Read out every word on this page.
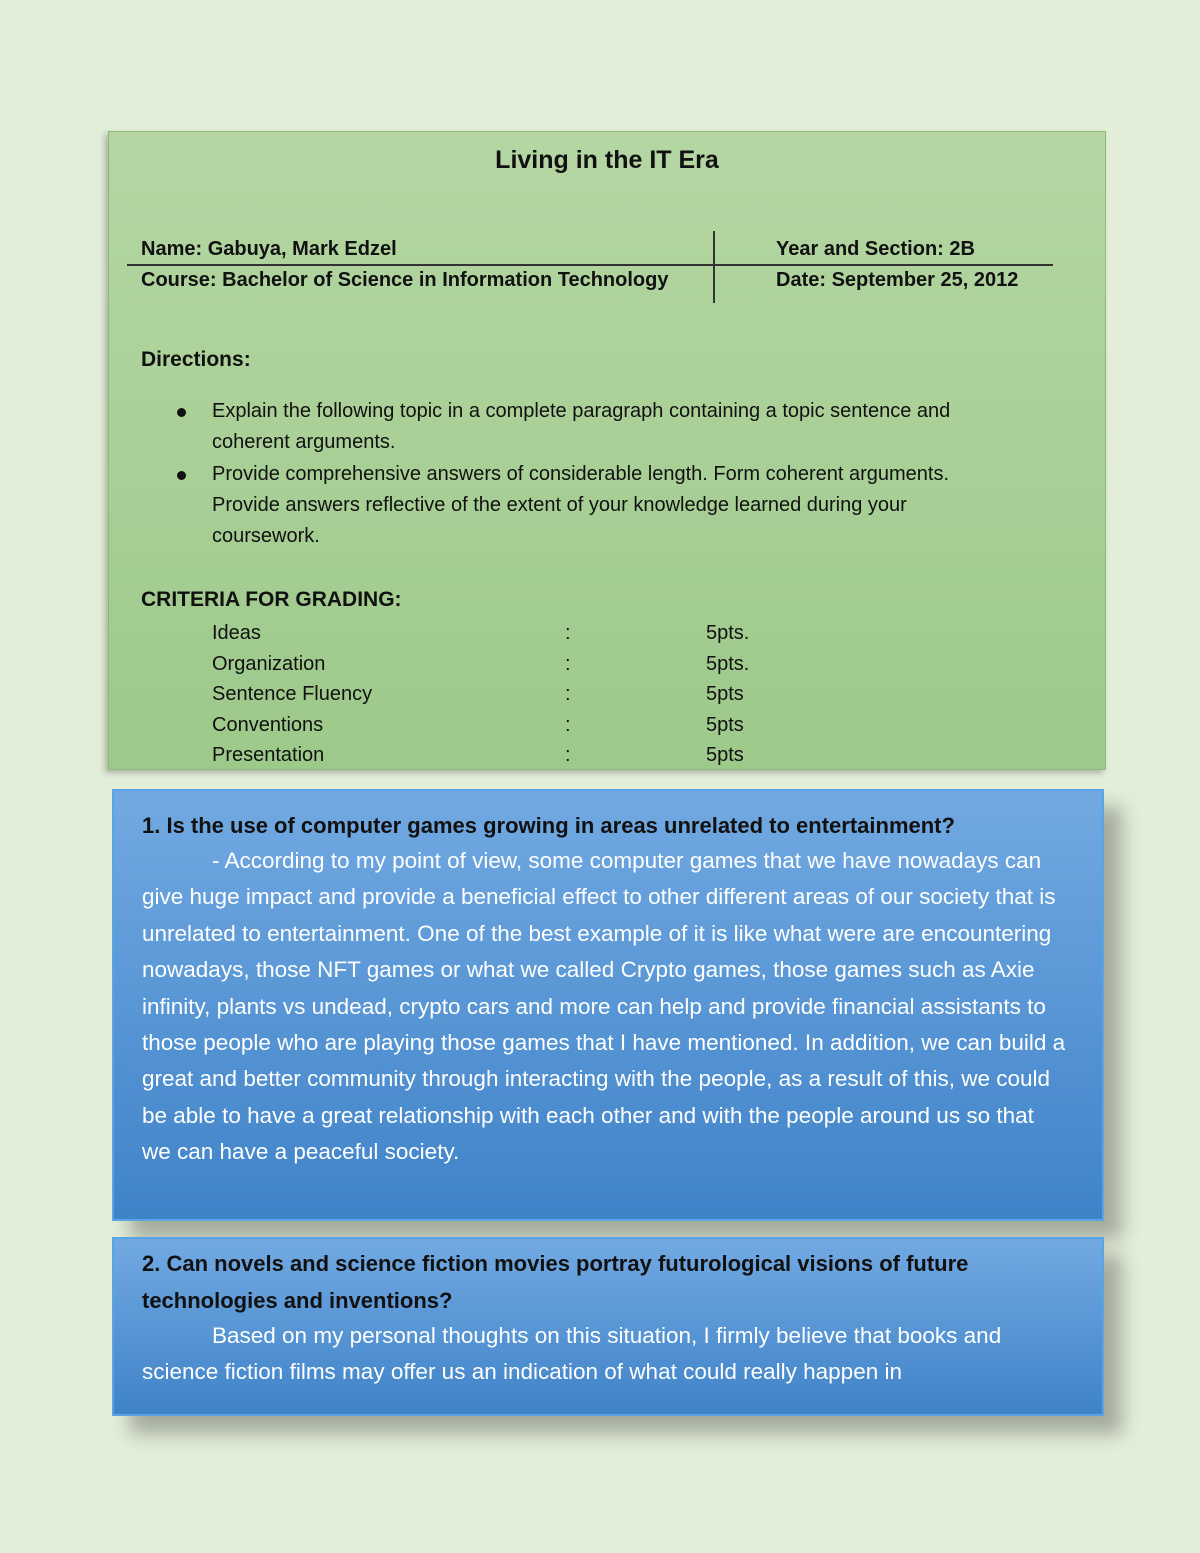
Living in the IT Era
Name: Gabuya, Mark Edzel	Year and Section: 2B
Course: Bachelor of Science in Information Technology	Date: September 25, 2012
Directions:
Explain the following topic in a complete paragraph containing a topic sentence and coherent arguments.
Provide comprehensive answers of considerable length. Form coherent arguments. Provide answers reflective of the extent of your knowledge learned during your coursework.
CRITERIA FOR GRADING:
Ideas	:	5pts.
Organization	:	5pts.
Sentence Fluency	:	5pts
Conventions	:	5pts
Presentation	:	5pts
1. Is the use of computer games growing in areas unrelated to entertainment?
- According to my point of view, some computer games that we have nowadays can give huge impact and provide a beneficial effect to other different areas of our society that is unrelated to entertainment. One of the best example of it is like what were are encountering nowadays, those NFT games or what we called Crypto games, those games such as Axie infinity, plants vs undead, crypto cars and more can help and provide financial assistants to those people who are playing those games that I have mentioned. In addition, we can build a great and better community through interacting with the people, as a result of this, we could be able to have a great relationship with each other and with the people around us so that we can have a peaceful society.
2. Can novels and science fiction movies portray futurological visions of future technologies and inventions?
Based on my personal thoughts on this situation, I firmly believe that books and science fiction films may offer us an indication of what could really happen in
